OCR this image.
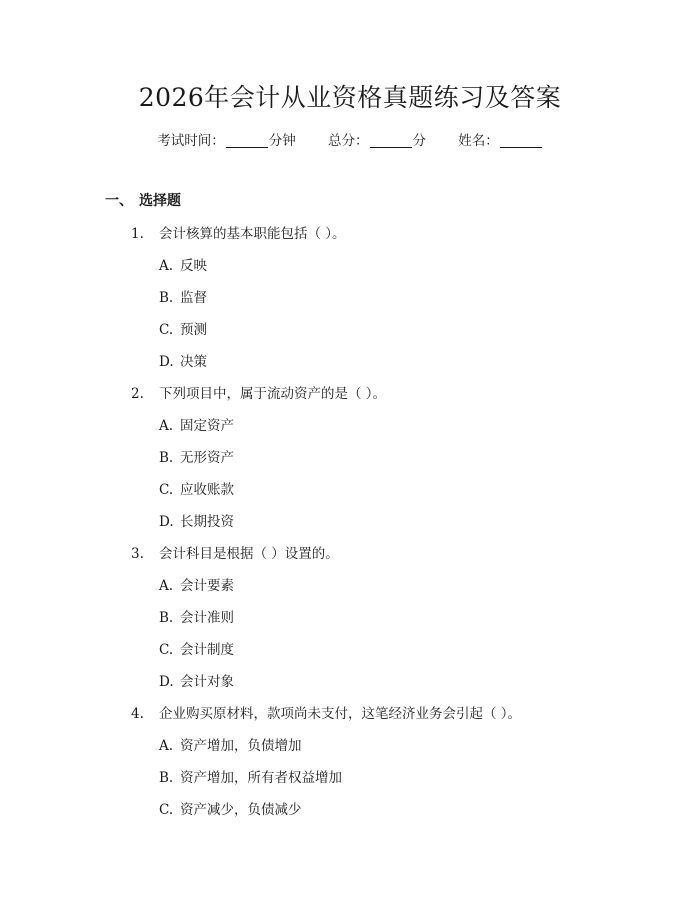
2026年会计从业资格真题练习及答案
考试时间：	分钟 总分：	分 姓名：
一、 选择题
1. 会计核算的基本职能包括（ ）。
A. 反映
B. 监督
C. 预测
D. 决策
2. 下列项目中，属于流动资产的是（ ）。
A. 固定资产
B. 无形资产
C. 应收账款
D. 长期投资
3. 会计科目是根据（ ）设置的。
A. 会计要素
B. 会计准则
C. 会计制度
D. 会计对象
4. 企业购买原材料，款项尚未支付，这笔经济业务会引起（ ）。
A. 资产增加，负债增加
B. 资产增加，所有者权益增加
C. 资产减少，负债减少
